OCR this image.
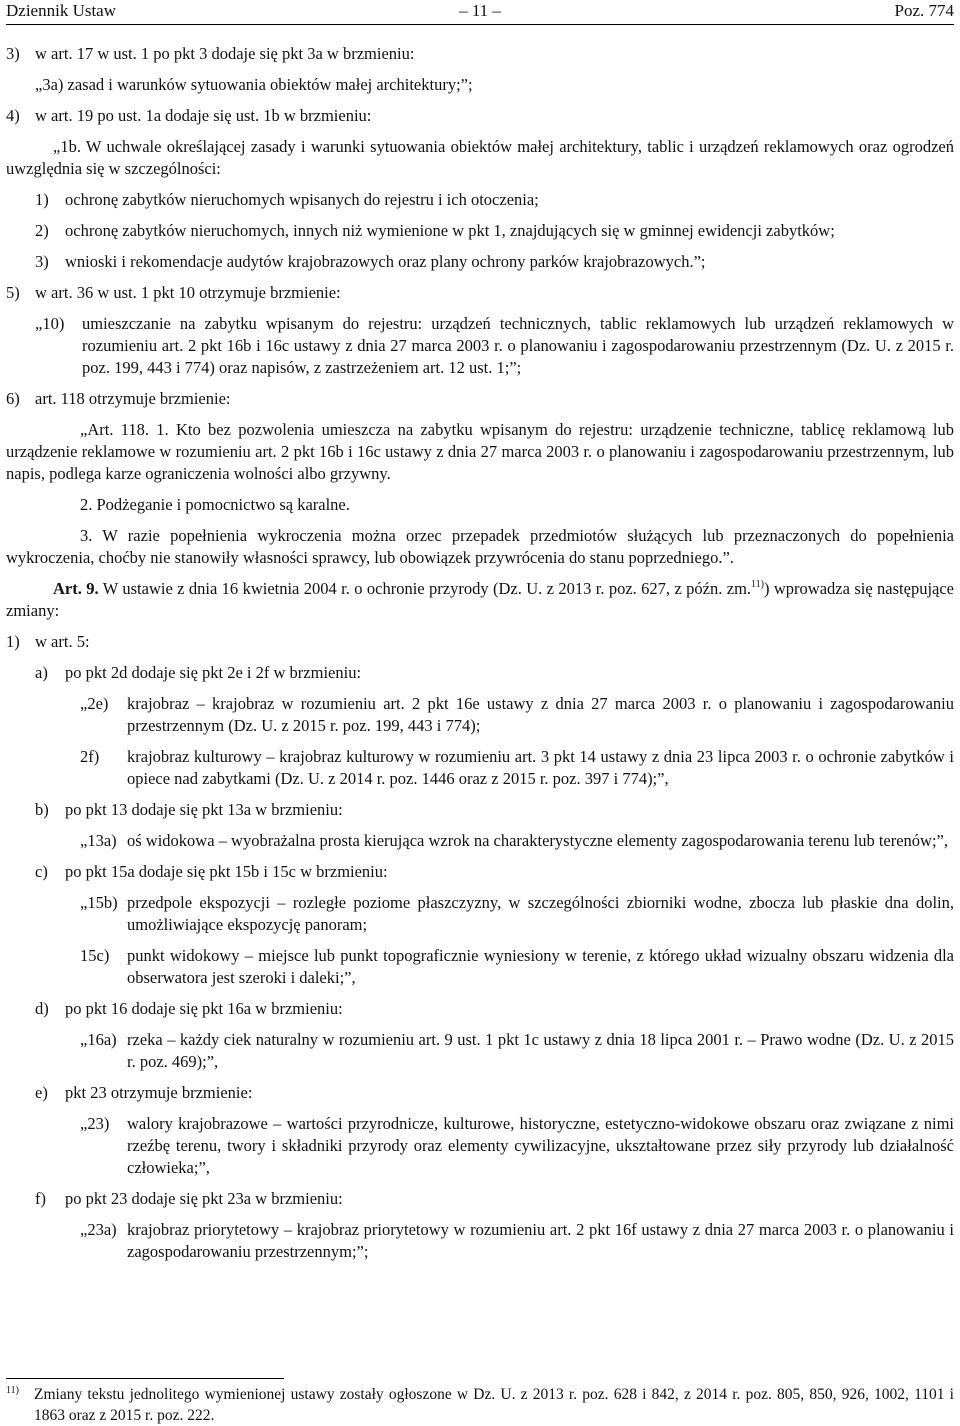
Dziennik Ustaw	– 11 –	Poz. 774
3) w art. 17 w ust. 1 po pkt 3 dodaje się pkt 3a w brzmieniu:
„3a) zasad i warunków sytuowania obiektów małej architektury;”;
4) w art. 19 po ust. 1a dodaje się ust. 1b w brzmieniu:
„1b. W uchwale określającej zasady i warunki sytuowania obiektów małej architektury, tablic i urządzeń reklamowych oraz ogrodzeń uwzględnia się w szczególności:
1) ochronę zabytków nieruchomych wpisanych do rejestru i ich otoczenia;
2) ochronę zabytków nieruchomych, innych niż wymienione w pkt 1, znajdujących się w gminnej ewidencji zabytków;
3) wnioski i rekomendacje audytów krajobrazowych oraz plany ochrony parków krajobrazowych.”;
5) w art. 36 w ust. 1 pkt 10 otrzymuje brzmienie:
„10)	umieszczanie na zabytku wpisanym do rejestru: urządzeń technicznych, tablic reklamowych lub urządzeń reklamowych w rozumieniu art. 2 pkt 16b i 16c ustawy z dnia 27 marca 2003 r. o planowaniu i zagospodarowaniu przestrzennym (Dz. U. z 2015 r. poz. 199, 443 i 774) oraz napisów, z zastrzeżeniem art. 12 ust. 1;”;
6) art. 118 otrzymuje brzmienie:
„Art. 118. 1. Kto bez pozwolenia umieszcza na zabytku wpisanym do rejestru: urządzenie techniczne, tablicę reklamową lub urządzenie reklamowe w rozumieniu art. 2 pkt 16b i 16c ustawy z dnia 27 marca 2003 r. o planowaniu i zagospodarowaniu przestrzennym, lub napis, podlega karze ograniczenia wolności albo grzywny.
2. Podżeganie i pomocnictwo są karalne.
3. W razie popełnienia wykroczenia można orzec przepadek przedmiotów służących lub przeznaczonych do popełnienia wykroczenia, choćby nie stanowiły własności sprawcy, lub obowiązek przywrócenia do stanu poprzedniego.”.
Art. 9. W ustawie z dnia 16 kwietnia 2004 r. o ochronie przyrody (Dz. U. z 2013 r. poz. 627, z późn. zm.$^{11)}$) wprowadza się następujące zmiany:
1) w art. 5:
a)	po pkt 2d dodaje się pkt 2e i 2f w brzmieniu:
„2e)	krajobraz – krajobraz w rozumieniu art. 2 pkt 16e ustawy z dnia 27 marca 2003 r. o planowaniu i zagospodarowaniu przestrzennym (Dz. U. z 2015 r. poz. 199, 443 i 774);
2f)	krajobraz kulturowy – krajobraz kulturowy w rozumieniu art. 3 pkt 14 ustawy z dnia 23 lipca 2003 r. o ochronie zabytków i opiece nad zabytkami (Dz. U. z 2014 r. poz. 1446 oraz z 2015 r. poz. 397 i 774);”,
b) po pkt 13 dodaje się pkt 13a w brzmieniu:
„13a) oś widokowa – wyobrażalna prosta kierująca wzrok na charakterystyczne elementy zagospodarowania terenu lub terenów;”,
c)	po pkt 15a dodaje się pkt 15b i 15c w brzmieniu:
„15b) przedpole ekspozycji – rozległe poziome płaszczyzny, w szczególności zbiorniki wodne, zbocza lub płaskie dna dolin, umożliwiające ekspozycję panoram;
15c)	punkt widokowy – miejsce lub punkt topograficznie wyniesiony w terenie, z którego układ wizualny obszaru widzenia dla obserwatora jest szeroki i daleki;”,
d) po pkt 16 dodaje się pkt 16a w brzmieniu:
„16a) rzeka – każdy ciek naturalny w rozumieniu art. 9 ust. 1 pkt 1c ustawy z dnia 18 lipca 2001 r. – Prawo wodne (Dz. U. z 2015 r. poz. 469);”,
e)	pkt 23 otrzymuje brzmienie:
„23)	walory krajobrazowe – wartości przyrodnicze, kulturowe, historyczne, estetyczno-widokowe obszaru oraz związane z nimi rzeźbę terenu, twory i składniki przyrody oraz elementy cywilizacyjne, ukształtowane przez siły przyrody lub działalność człowieka;”,
f)	po pkt 23 dodaje się pkt 23a w brzmieniu:
„23a) krajobraz priorytetowy – krajobraz priorytetowy w rozumieniu art. 2 pkt 16f ustawy z dnia 27 marca 2003 r. o planowaniu i zagospodarowaniu przestrzennym;”;
11) Zmiany tekstu jednolitego wymienionej ustawy zostały ogłoszone w Dz. U. z 2013 r. poz. 628 i 842, z 2014 r. poz. 805, 850, 926, 1002, 1101 i 1863 oraz z 2015 r. poz. 222.
